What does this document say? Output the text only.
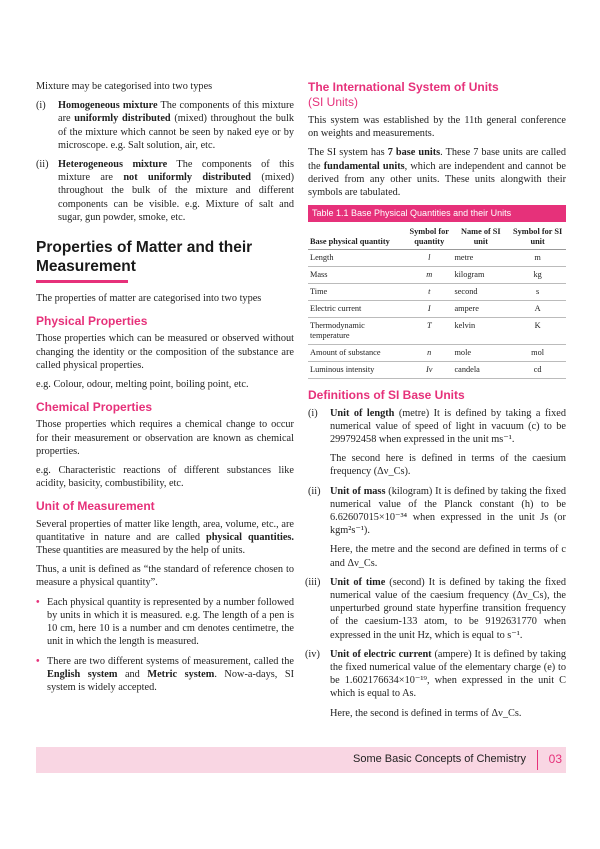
Mixture may be categorised into two types

(i) Homogeneous mixture The components of this mixture are uniformly distributed (mixed) throughout the bulk of the mixture which cannot be seen by naked eye or by microscope. e.g. Salt solution, air, etc.
(ii) Heterogeneous mixture The components of this mixture are not uniformly distributed (mixed) throughout the bulk of the mixture and different components can be visible. e.g. Mixture of salt and sugar, gun powder, smoke, etc.
Properties of Matter and their Measurement

The properties of matter are categorised into two types

Physical Properties

Those properties which can be measured or observed without changing the identity or the composition of the substance are called physical properties.

e.g. Colour, odour, melting point, boiling point, etc.

Chemical Properties

Those properties which requires a chemical change to occur for their measurement or observation are known as chemical properties.

e.g. Characteristic reactions of different substances like acidity, basicity, combustibility, etc.

Unit of Measurement

Several properties of matter like length, area, volume, etc., are quantitative in nature and are called physical quantities. These quantities are measured by the help of units.

Thus, a unit is defined as “the standard of reference chosen to measure a physical quantity”.

• Each physical quantity is represented by a number followed by units in which it is measured. e.g. The length of a pen is 10 cm, here 10 is a number and cm denotes centimetre, the unit in which the length is measured.
• There are two different systems of measurement, called the English system and Metric system. Now-a-days, SI system is widely accepted.
The International System of Units
(SI Units)

This system was established by the 11th general conference on weights and measurements.

The SI system has 7 base units. These 7 base units are called the fundamental units, which are independent and cannot be derived from any other units. These units alongwith their symbols are tabulated.

Table 1.1 Base Physical Quantities and their Units
Base physical quantity	Symbol for quantity	Name of SI unit	Symbol for SI unit
Length	l	metre	m
Mass	m	kilogram	kg
Time	t	second	s
Electric current	I	ampere	A
Thermodynamic temperature	T	kelvin	K
Amount of substance	n	mole	mol
Luminous intensity	Iv	candela	cd
Definitions of SI Base Units
(i) Unit of length (metre) It is defined by taking a fixed numerical value of speed of light in vacuum (c) to be 299792458 when expressed in the unit ms⁻¹.
The second here is defined in terms of the caesium frequency (Δν_Cs).
(ii) Unit of mass (kilogram) It is defined by taking the fixed numerical value of the Planck constant (h) to be 6.62607015×10⁻³⁴ when expressed in the unit Js (or kgm²s⁻¹).
Here, the metre and the second are defined in terms of c and Δν_Cs.
(iii) Unit of time (second) It is defined by taking the fixed numerical value of the caesium frequency (Δν_Cs), the unperturbed ground state hyperfine transition frequency of the caesium-133 atom, to be 9192631770 when expressed in the unit Hz, which is equal to s⁻¹.
(iv) Unit of electric current (ampere) It is defined by taking the fixed numerical value of the elementary charge (e) to be 1.602176634×10⁻¹⁹, when expressed in the unit C which is equal to As.
Here, the second is defined in terms of Δν_Cs.
Some Basic Concepts of Chemistry 03
